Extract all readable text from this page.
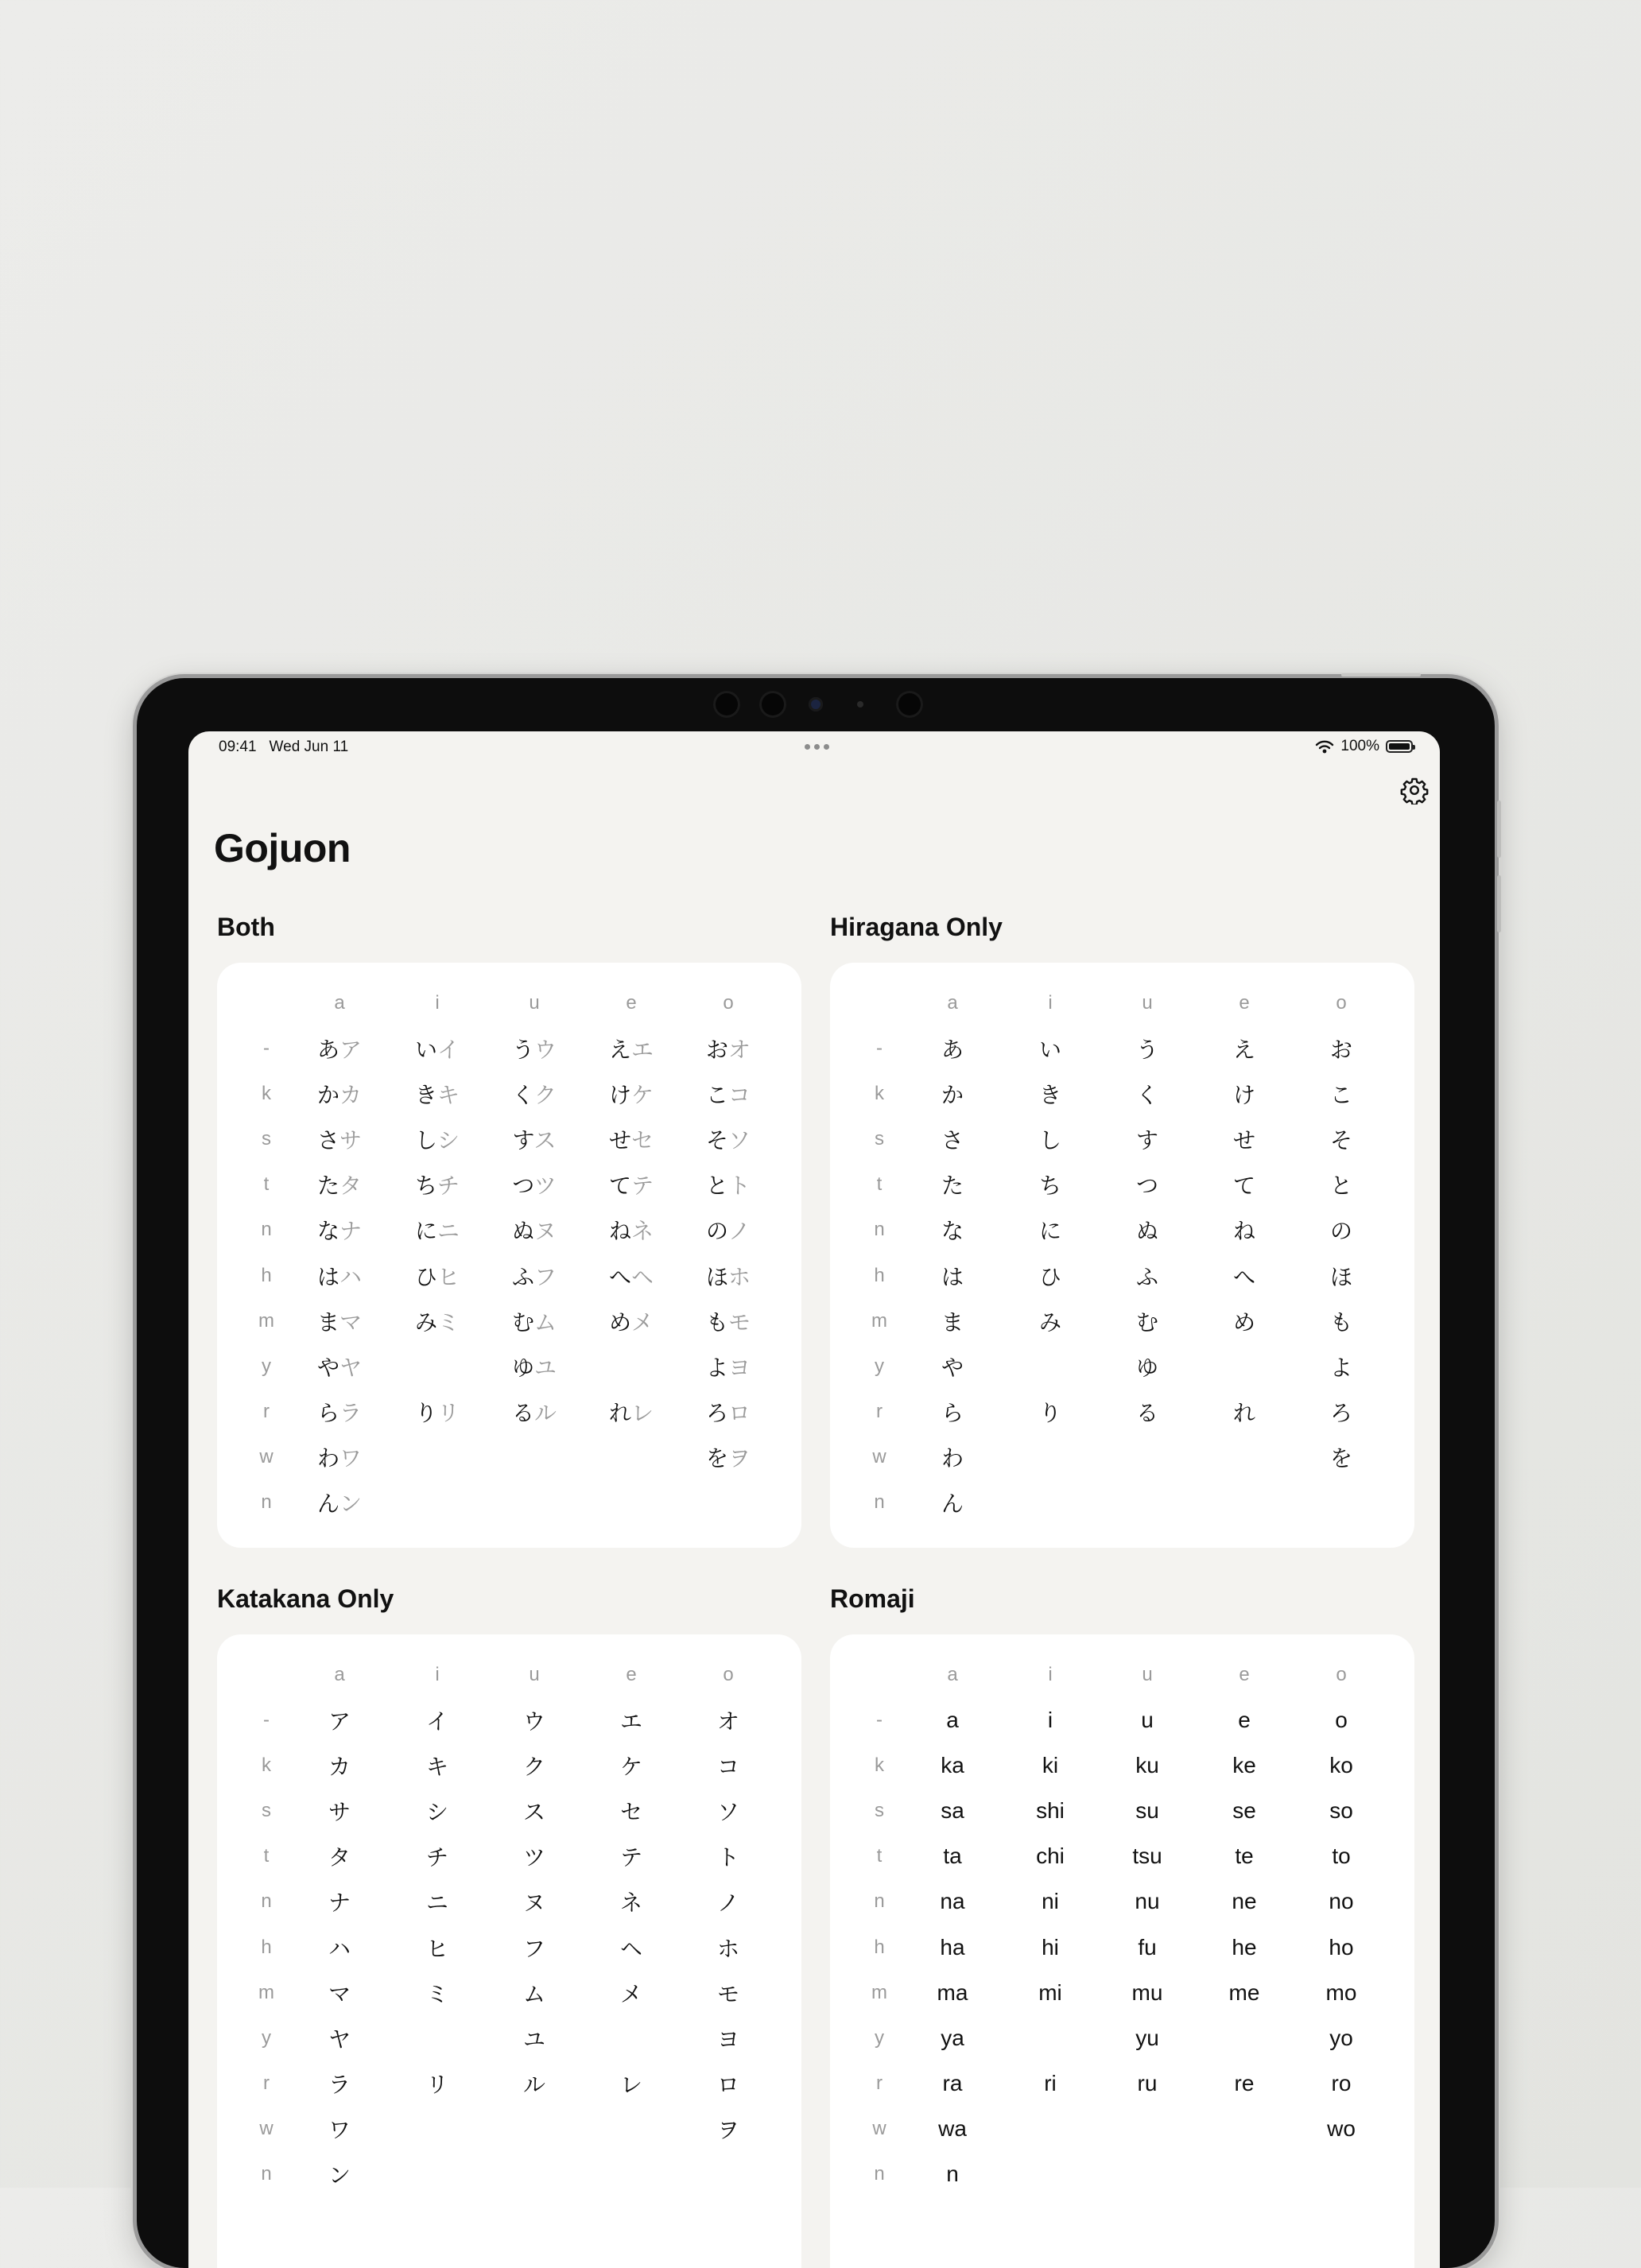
09:41 Wed Jun 11	100%
Gojuon
Both	Hiragana Only
Katakana Only	Romaji
	a	i	u	e	o
-	あア	いイ	うウ	えエ	おオ
k	かカ	きキ	くク	けケ	こコ
s	さサ	しシ	すス	せセ	そソ
t	たタ	ちチ	つツ	てテ	とト
n	なナ	にニ	ぬヌ	ねネ	のノ
h	はハ	ひヒ	ふフ	へヘ	ほホ
m	まマ	みミ	むム	めメ	もモ
y	やヤ		ゆユ		よヨ
r	らラ	りリ	るル	れレ	ろロ
w	わワ				をヲ
n	んン				
	a	i	u	e	o
-	あ	い	う	え	お
k	か	き	く	け	こ
s	さ	し	す	せ	そ
t	た	ち	つ	て	と
n	な	に	ぬ	ね	の
h	は	ひ	ふ	へ	ほ
m	ま	み	む	め	も
y	や		ゆ		よ
r	ら	り	る	れ	ろ
w	わ				を
n	ん				
	a	i	u	e	o
-	ア	イ	ウ	エ	オ
k	カ	キ	ク	ケ	コ
s	サ	シ	ス	セ	ソ
t	タ	チ	ツ	テ	ト
n	ナ	ニ	ヌ	ネ	ノ
h	ハ	ヒ	フ	ヘ	ホ
m	マ	ミ	ム	メ	モ
y	ヤ		ユ		ヨ
r	ラ	リ	ル	レ	ロ
w	ワ				ヲ
n	ン				
	a	i	u	e	o
-	a	i	u	e	o
k	ka	ki	ku	ke	ko
s	sa	shi	su	se	so
t	ta	chi	tsu	te	to
n	na	ni	nu	ne	no
h	ha	hi	fu	he	ho
m	ma	mi	mu	me	mo
y	ya		yu		yo
r	ra	ri	ru	re	ro
w	wa				wo
n	n				
